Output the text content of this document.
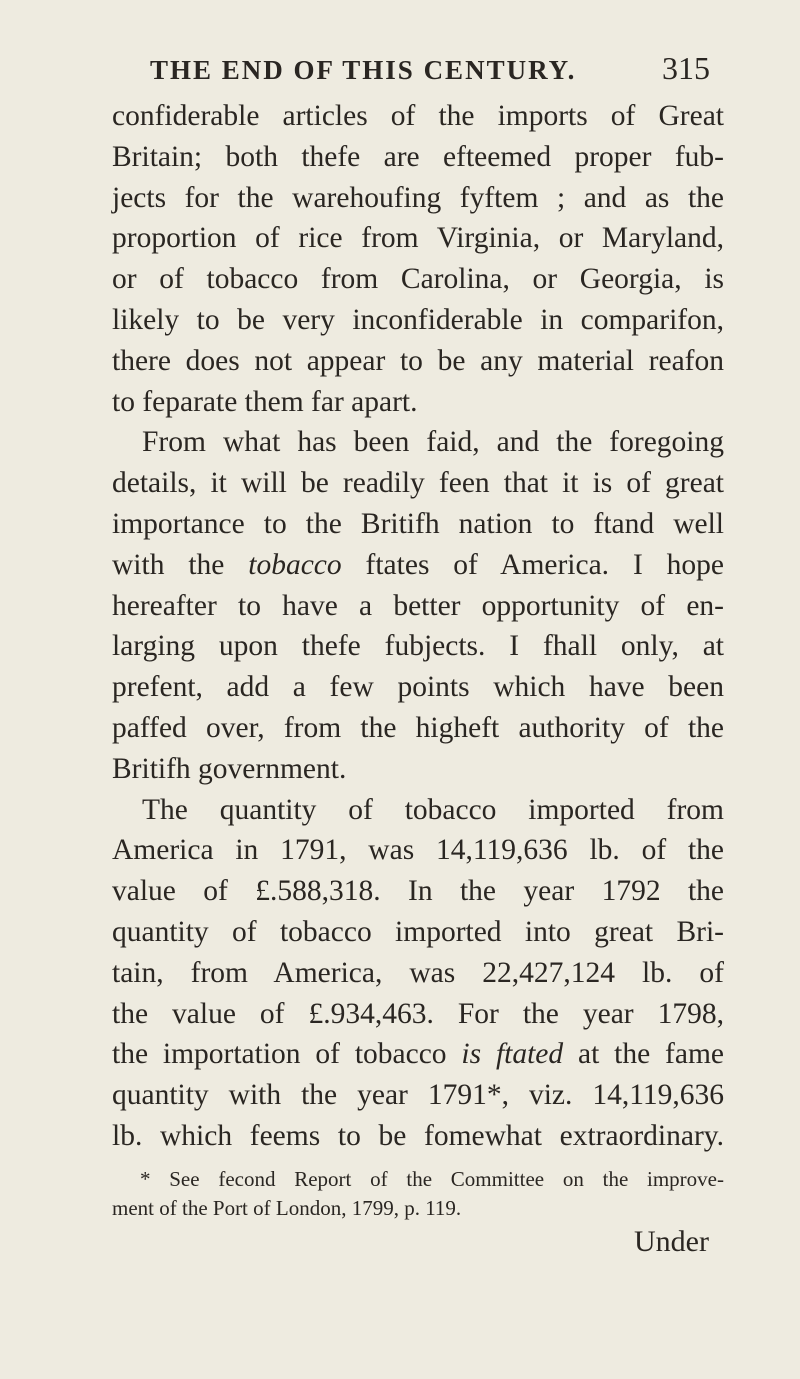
THE END OF THIS CENTURY.	315
confiderable articles of the imports of Great
Britain; both thefe are efteemed proper fub-
jects for the warehoufing fyftem ; and as the
proportion of rice from Virginia, or Maryland,
or of tobacco from Carolina, or Georgia, is
likely to be very inconfiderable in comparifon,
there does not appear to be any material reafon
to feparate them far apart.
From what has been faid, and the foregoing
details, it will be readily feen that it is of great
importance to the Britifh nation to ftand well
with the tobacco ftates of America. I hope
hereafter to have a better opportunity of en-
larging upon thefe fubjects. I fhall only, at
prefent, add a few points which have been
paffed over, from the higheft authority of the
Britifh government.
The quantity of tobacco imported from
America in 1791, was 14,119,636 lb. of the
value of £.588,318. In the year 1792 the
quantity of tobacco imported into great Bri-
tain, from America, was 22,427,124 lb. of
the value of £.934,463. For the year 1798,
the importation of tobacco is ftated at the fame
quantity with the year 1791*, viz. 14,119,636
lb. which feems to be fomewhat extraordinary.
* See fecond Report of the Committee on the improve-
ment of the Port of London, 1799, p. 119.
Under
